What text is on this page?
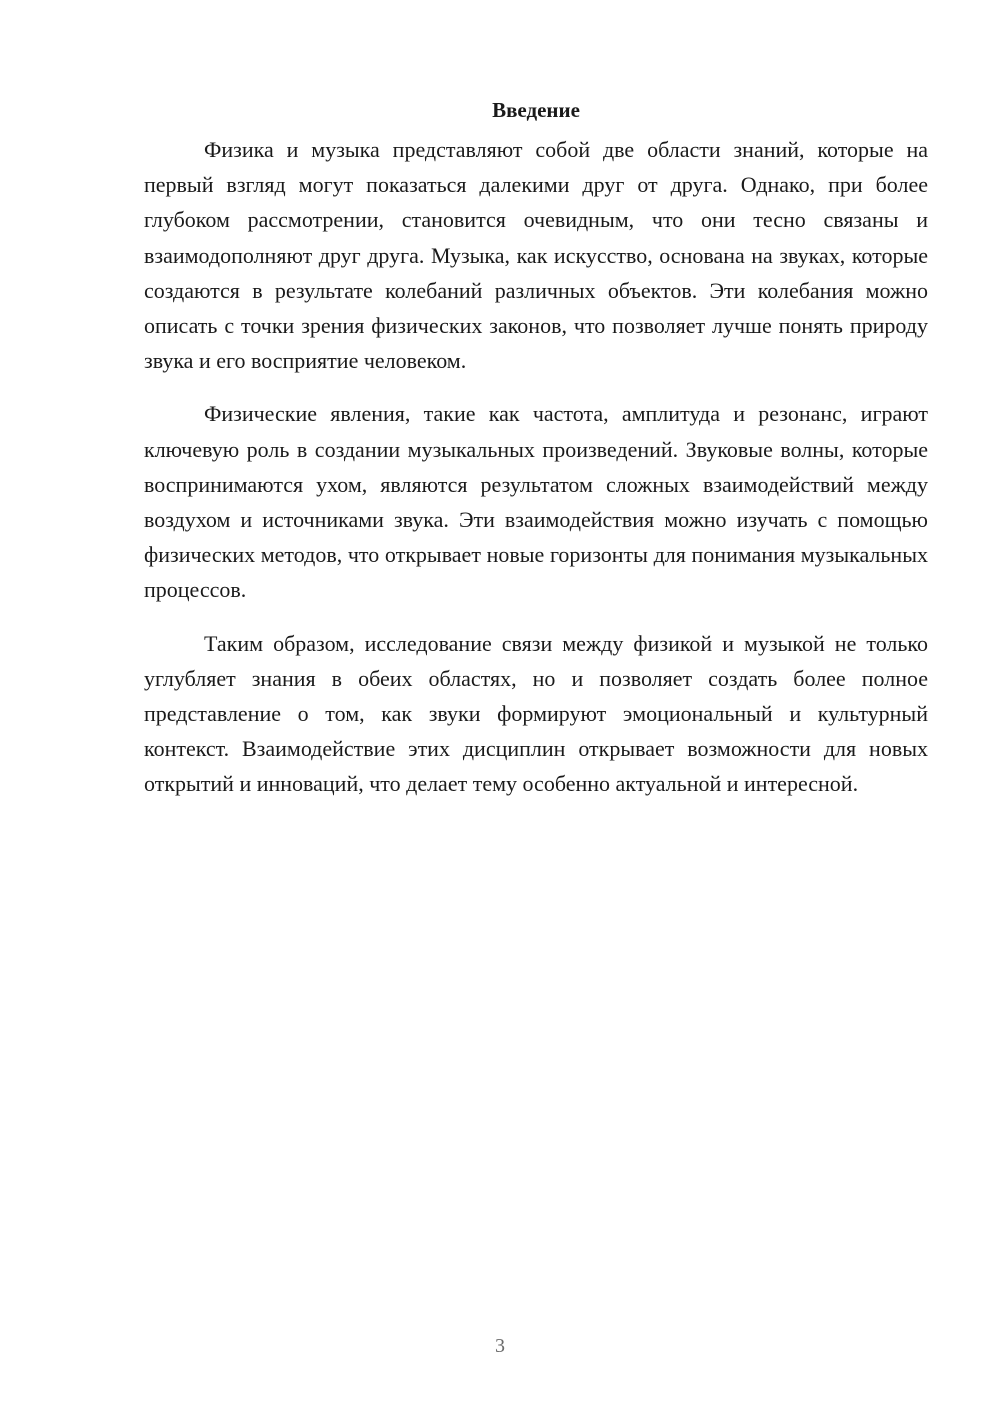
Введение

Физика и музыка представляют собой две области знаний, которые на первый взгляд могут показаться далекими друг от друга. Однако, при более глубоком рассмотрении, становится очевидным, что они тесно связаны и взаимодополняют друг друга. Музыка, как искусство, основана на звуках, которые создаются в результате колебаний различных объектов. Эти колебания можно описать с точки зрения физических законов, что позволяет лучше понять природу звука и его восприятие человеком.

Физические явления, такие как частота, амплитуда и резонанс, играют ключевую роль в создании музыкальных произведений. Звуковые волны, которые воспринимаются ухом, являются результатом сложных взаимодействий между воздухом и источниками звука. Эти взаимодействия можно изучать с помощью физических методов, что открывает новые горизонты для понимания музыкальных процессов.

Таким образом, исследование связи между физикой и музыкой не только углубляет знания в обеих областях, но и позволяет создать более полное представление о том, как звуки формируют эмоциональный и культурный контекст. Взаимодействие этих дисциплин открывает возможности для новых открытий и инноваций, что делает тему особенно актуальной и интересной.

3
